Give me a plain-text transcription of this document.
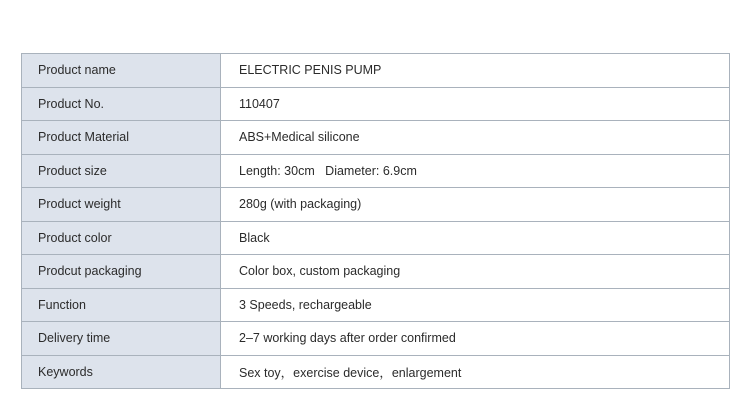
Product name	ELECTRIC PENIS PUMP
Product No.	110407
Product Material	ABS+Medical silicone
Product size	Length: 30cm   Diameter: 6.9cm
Product weight	280g (with packaging)
Product color	Black
Prodcut packaging	Color box, custom packaging
Function	3 Speeds, rechargeable
Delivery time	2–7 working days after order confirmed
Keywords	Sex toy，exercise device，enlargement
